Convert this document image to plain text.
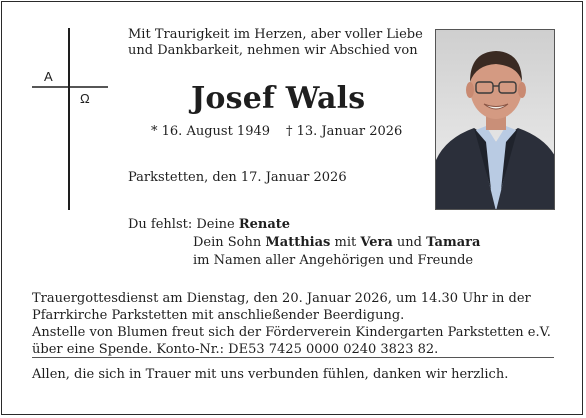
A
Ω
Mit Traurigkeit im Herzen, aber voller Liebe
und Dankbarkeit, nehmen wir Abschied von
Josef Wals
* 16. August 1949 † 13. Januar 2026
Parkstetten, den 17. Januar 2026
Du fehlst: Deine Renate
Dein Sohn Matthias mit Vera und Tamara
im Namen aller Angehörigen und Freunde
Trauergottesdienst am Dienstag, den 20. Januar 2026, um 14.30 Uhr in der
Pfarrkirche Parkstetten mit anschließender Beerdigung.
Anstelle von Blumen freut sich der Förderverein Kindergarten Parkstetten e.V.
über eine Spende. Konto-Nr.: DE53 7425 0000 0240 3823 82.
Allen, die sich in Trauer mit uns verbunden fühlen, danken wir herzlich.
